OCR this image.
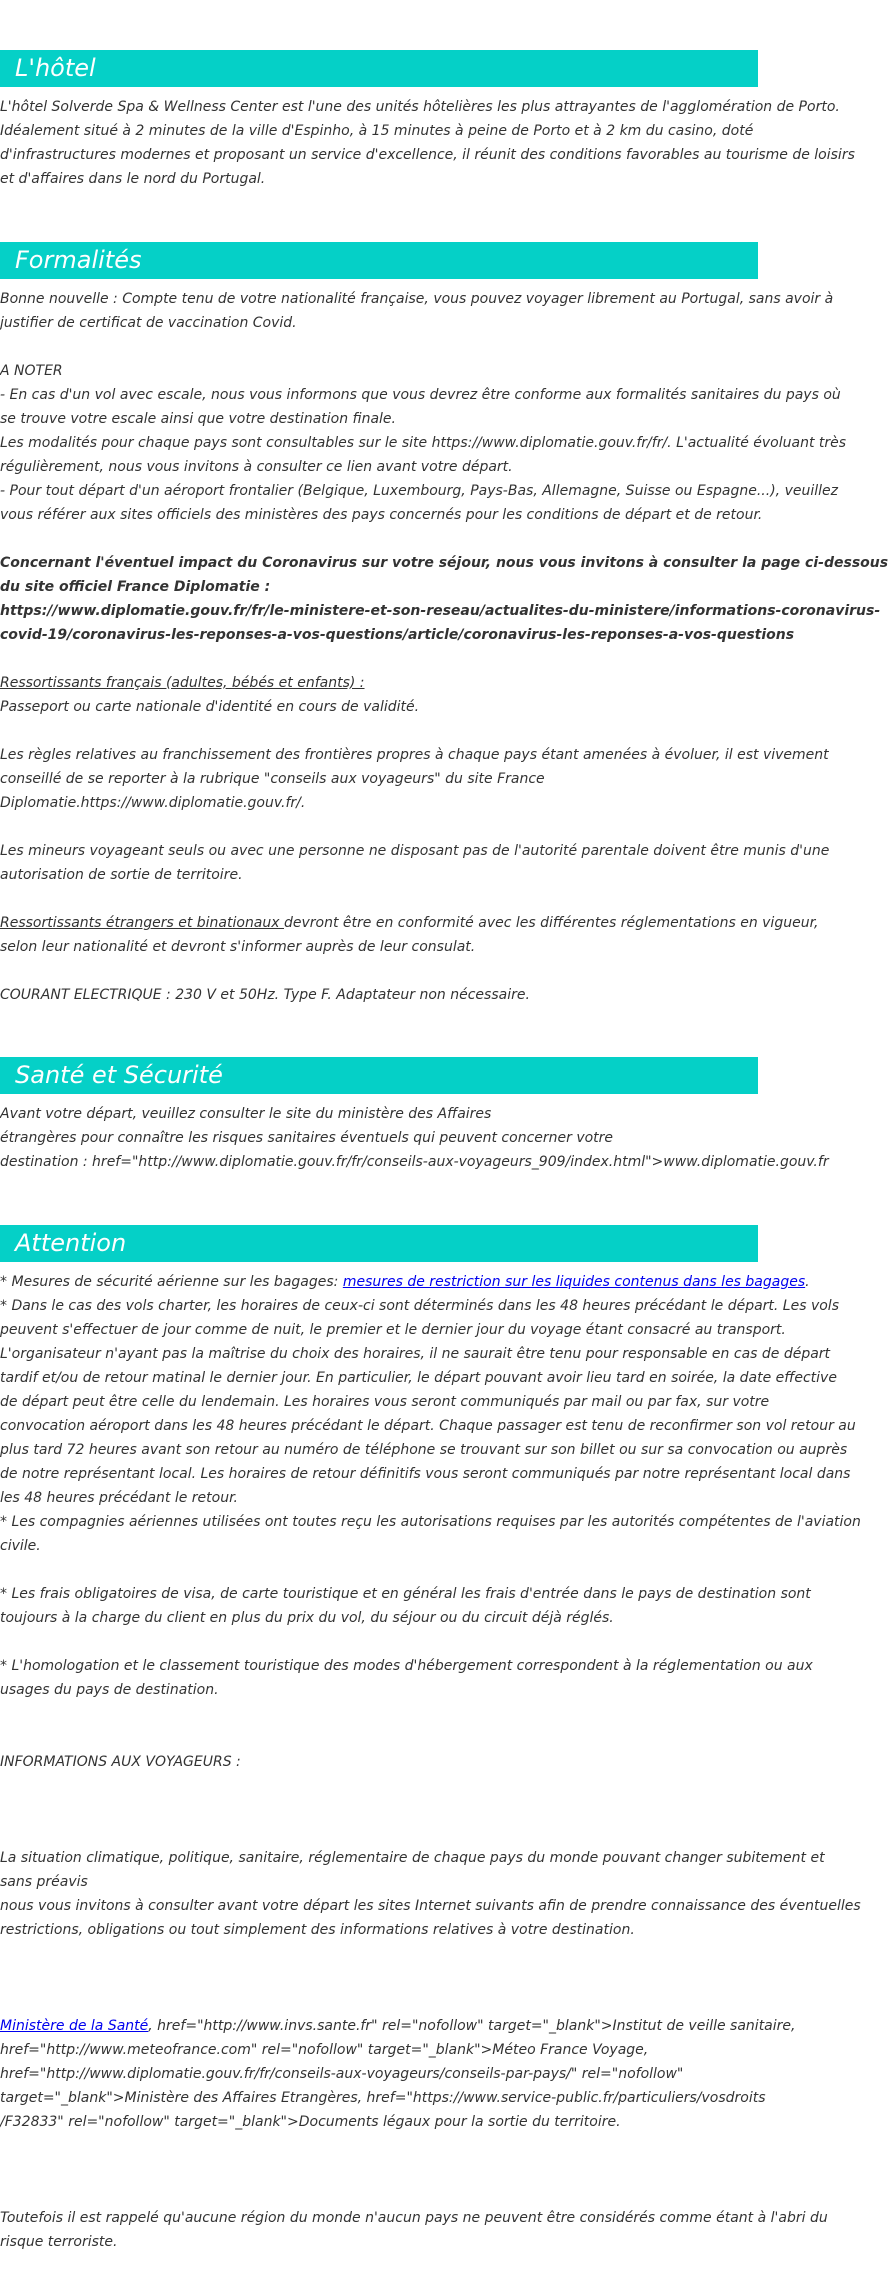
L'hôtel

L'hôtel Solverde Spa & Wellness Center est l'une des unités hôtelières les plus attrayantes de l'agglomération de Porto.

Idéalement situé à 2 minutes de la ville d'Espinho, à 15 minutes à peine de Porto et à 2 km du casino, doté

d'infrastructures modernes et proposant un service d'excellence, il réunit des conditions favorables au tourisme de loisirs

et d'affaires dans le nord du Portugal.

Formalités

Bonne nouvelle : Compte tenu de votre nationalité française, vous pouvez voyager librement au Portugal, sans avoir à

justifier de certificat de vaccination Covid.

A NOTER

- En cas d'un vol avec escale, nous vous informons que vous devrez être conforme aux formalités sanitaires du pays où

se trouve votre escale ainsi que votre destination finale.

Les modalités pour chaque pays sont consultables sur le site https://www.diplomatie.gouv.fr/fr/. L'actualité évoluant très

régulièrement, nous vous invitons à consulter ce lien avant votre départ.

- Pour tout départ d'un aéroport frontalier (Belgique, Luxembourg, Pays-Bas, Allemagne, Suisse ou Espagne...), veuillez

vous référer aux sites officiels des ministères des pays concernés pour les conditions de départ et de retour.

Concernant l'éventuel impact du Coronavirus sur votre séjour, nous vous invitons à consulter la page ci-dessous

du site officiel France Diplomatie :

https://www.diplomatie.gouv.fr/fr/le-ministere-et-son-reseau/actualites-du-ministere/informations-coronavirus-

covid-19/coronavirus-les-reponses-a-vos-questions/article/coronavirus-les-reponses-a-vos-questions

Ressortissants français (adultes, bébés et enfants) :

Passeport ou carte nationale d'identité en cours de validité.

Les règles relatives au franchissement des frontières propres à chaque pays étant amenées à évoluer, il est vivement

conseillé de se reporter à la rubrique "conseils aux voyageurs" du site France

Diplomatie.https://www.diplomatie.gouv.fr/.

Les mineurs voyageant seuls ou avec une personne ne disposant pas de l'autorité parentale doivent être munis d'une

autorisation de sortie de territoire.

Ressortissants étrangers et binationaux devront être en conformité avec les différentes réglementations en vigueur,

selon leur nationalité et devront s'informer auprès de leur consulat.

COURANT ELECTRIQUE : 230 V et 50Hz. Type F. Adaptateur non nécessaire.

Santé et Sécurité

Avant votre départ, veuillez consulter le site du ministère des Affaires

étrangères pour connaître les risques sanitaires éventuels qui peuvent concerner votre

destination : href="http://www.diplomatie.gouv.fr/fr/conseils-aux-voyageurs_909/index.html">www.diplomatie.gouv.fr

Attention

* Mesures de sécurité aérienne sur les bagages: mesures de restriction sur les liquides contenus dans les bagages.

* Dans le cas des vols charter, les horaires de ceux-ci sont déterminés dans les 48 heures précédant le départ. Les vols

peuvent s'effectuer de jour comme de nuit, le premier et le dernier jour du voyage étant consacré au transport.

L'organisateur n'ayant pas la maîtrise du choix des horaires, il ne saurait être tenu pour responsable en cas de départ

tardif et/ou de retour matinal le dernier jour. En particulier, le départ pouvant avoir lieu tard en soirée, la date effective

de départ peut être celle du lendemain. Les horaires vous seront communiqués par mail ou par fax, sur votre

convocation aéroport dans les 48 heures précédant le départ. Chaque passager est tenu de reconfirmer son vol retour au

plus tard 72 heures avant son retour au numéro de téléphone se trouvant sur son billet ou sur sa convocation ou auprès

de notre représentant local. Les horaires de retour définitifs vous seront communiqués par notre représentant local dans

les 48 heures précédant le retour.

* Les compagnies aériennes utilisées ont toutes reçu les autorisations requises par les autorités compétentes de l'aviation

civile.

* Les frais obligatoires de visa, de carte touristique et en général les frais d'entrée dans le pays de destination sont

toujours à la charge du client en plus du prix du vol, du séjour ou du circuit déjà réglés.

* L'homologation et le classement touristique des modes d'hébergement correspondent à la réglementation ou aux

usages du pays de destination.

INFORMATIONS AUX VOYAGEURS :

La situation climatique, politique, sanitaire, réglementaire de chaque pays du monde pouvant changer subitement et

sans préavis

nous vous invitons à consulter avant votre départ les sites Internet suivants afin de prendre connaissance des éventuelles

restrictions, obligations ou tout simplement des informations relatives à votre destination.

Ministère de la Santé, href="http://www.invs.sante.fr" rel="nofollow" target="_blank">Institut de veille sanitaire,

href="http://www.meteofrance.com" rel="nofollow" target="_blank">Méteo France Voyage,

href="http://www.diplomatie.gouv.fr/fr/conseils-aux-voyageurs/conseils-par-pays/" rel="nofollow"

target="_blank">Ministère des Affaires Etrangères, href="https://www.service-public.fr/particuliers/vosdroits

/F32833" rel="nofollow" target="_blank">Documents légaux pour la sortie du territoire.

Toutefois il est rappelé qu'aucune région du monde n'aucun pays ne peuvent être considérés comme étant à l'abri du

risque terroriste.
